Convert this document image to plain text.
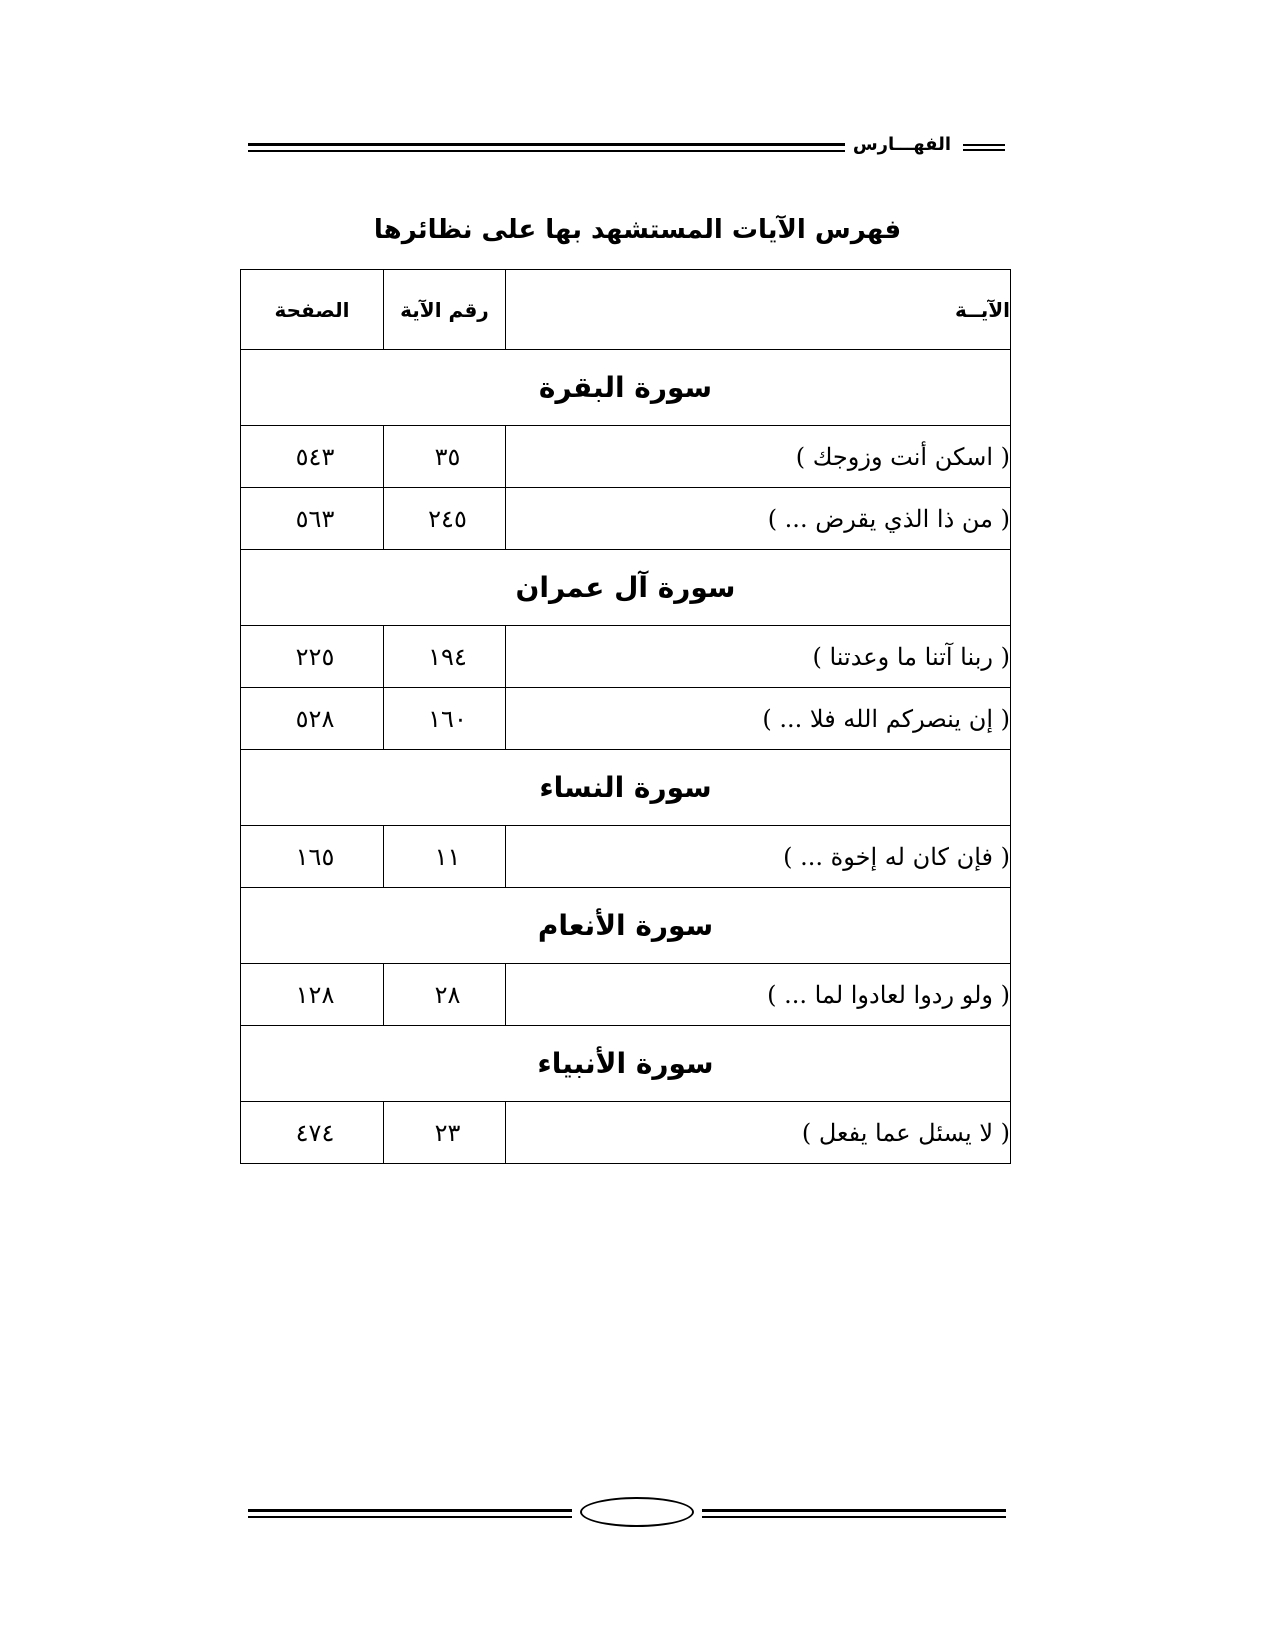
الفهـــارس
فهرس الآيات المستشهد بها على نظائرها
الآيــة	رقم الآية	الصفحة
سورة البقرة		
( اسكن أنت وزوجك )	٣٥	٥٤٣
( من ذا الذي يقرض ... )	٢٤٥	٥٦٣
سورة آل عمران		
( ربنا آتنا ما وعدتنا )	١٩٤	٢٢٥
( إن ينصركم الله فلا ... )	١٦٠	٥٢٨
سورة النساء		
( فإن كان له إخوة ... )	١١	١٦٥
سورة الأنعام		
( ولو ردوا لعادوا لما ... )	٢٨	١٢٨
سورة الأنبياء		
( لا يسئل عما يفعل )	٢٣	٤٧٤
